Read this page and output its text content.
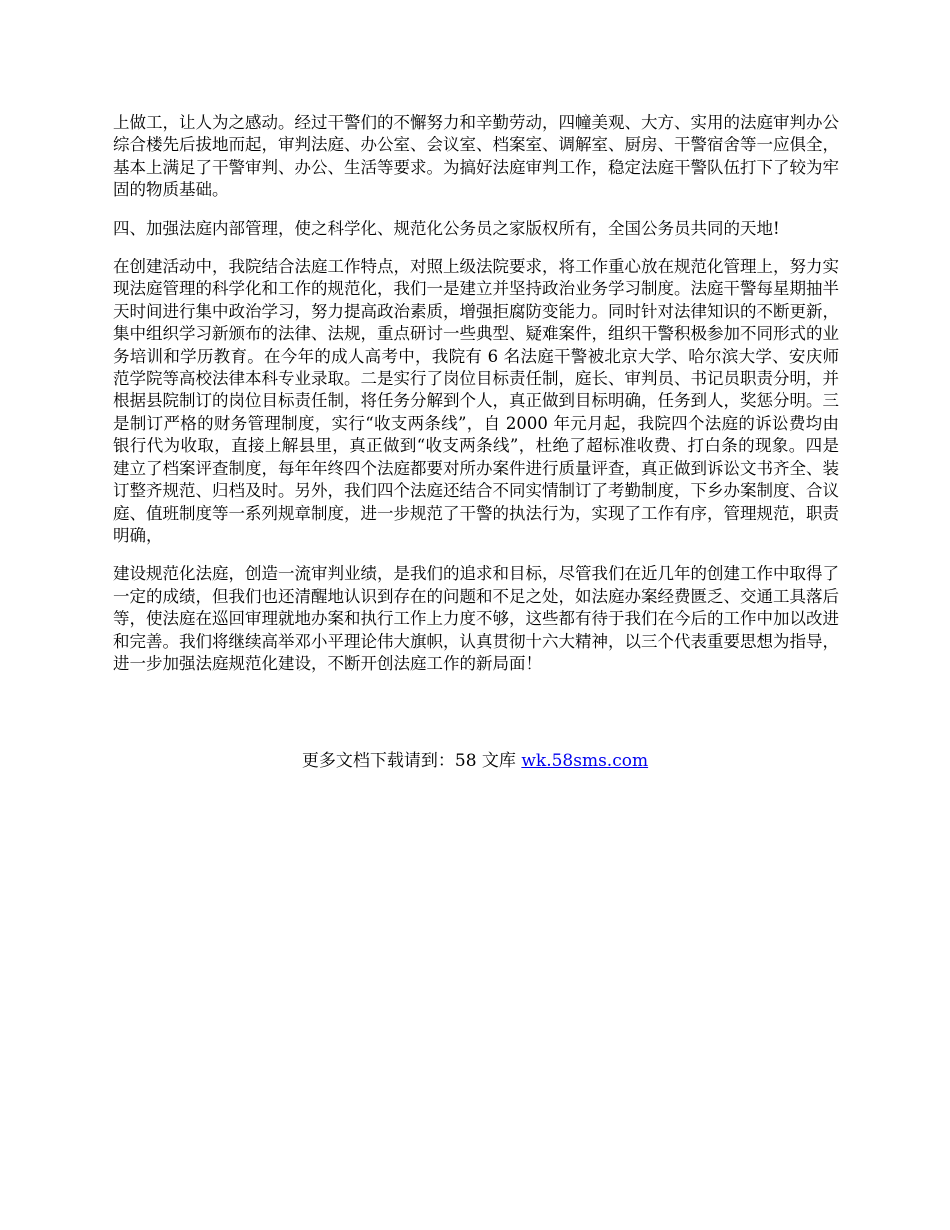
上做工，让人为之感动。经过干警们的不懈努力和辛勤劳动，四幢美观、大方、实用的法庭审判办公综合楼先后拔地而起，审判法庭、办公室、会议室、档案室、调解室、厨房、干警宿舍等一应俱全，基本上满足了干警审判、办公、生活等要求。为搞好法庭审判工作，稳定法庭干警队伍打下了较为牢固的物质基础。

四、加强法庭内部管理，使之科学化、规范化公务员之家版权所有，全国公务员共同的天地!

在创建活动中，我院结合法庭工作特点，对照上级法院要求，将工作重心放在规范化管理上，努力实现法庭管理的科学化和工作的规范化，我们一是建立并坚持政治业务学习制度。法庭干警每星期抽半天时间进行集中政治学习，努力提高政治素质，增强拒腐防变能力。同时针对法律知识的不断更新，集中组织学习新颁布的法律、法规，重点研讨一些典型、疑难案件，组织干警积极参加不同形式的业务培训和学历教育。在今年的成人高考中，我院有 6 名法庭干警被北京大学、哈尔滨大学、安庆师范学院等高校法律本科专业录取。二是实行了岗位目标责任制，庭长、审判员、书记员职责分明，并根据县院制订的岗位目标责任制，将任务分解到个人，真正做到目标明确，任务到人，奖惩分明。三是制订严格的财务管理制度，实行“收支两条线”，自 2000 年元月起，我院四个法庭的诉讼费均由银行代为收取，直接上解县里，真正做到“收支两条线”，杜绝了超标准收费、打白条的现象。四是建立了档案评查制度，每年年终四个法庭都要对所办案件进行质量评查，真正做到诉讼文书齐全、装订整齐规范、归档及时。另外，我们四个法庭还结合不同实情制订了考勤制度，下乡办案制度、合议庭、值班制度等一系列规章制度，进一步规范了干警的执法行为，实现了工作有序，管理规范，职责明确，

建设规范化法庭，创造一流审判业绩，是我们的追求和目标，尽管我们在近几年的创建工作中取得了一定的成绩，但我们也还清醒地认识到存在的问题和不足之处，如法庭办案经费匮乏、交通工具落后等，使法庭在巡回审理就地办案和执行工作上力度不够，这些都有待于我们在今后的工作中加以改进和完善。我们将继续高举邓小平理论伟大旗帜，认真贯彻十六大精神，以三个代表重要思想为指导，进一步加强法庭规范化建设，不断开创法庭工作的新局面！

更多文档下载请到：58 文库 wk.58sms.com
